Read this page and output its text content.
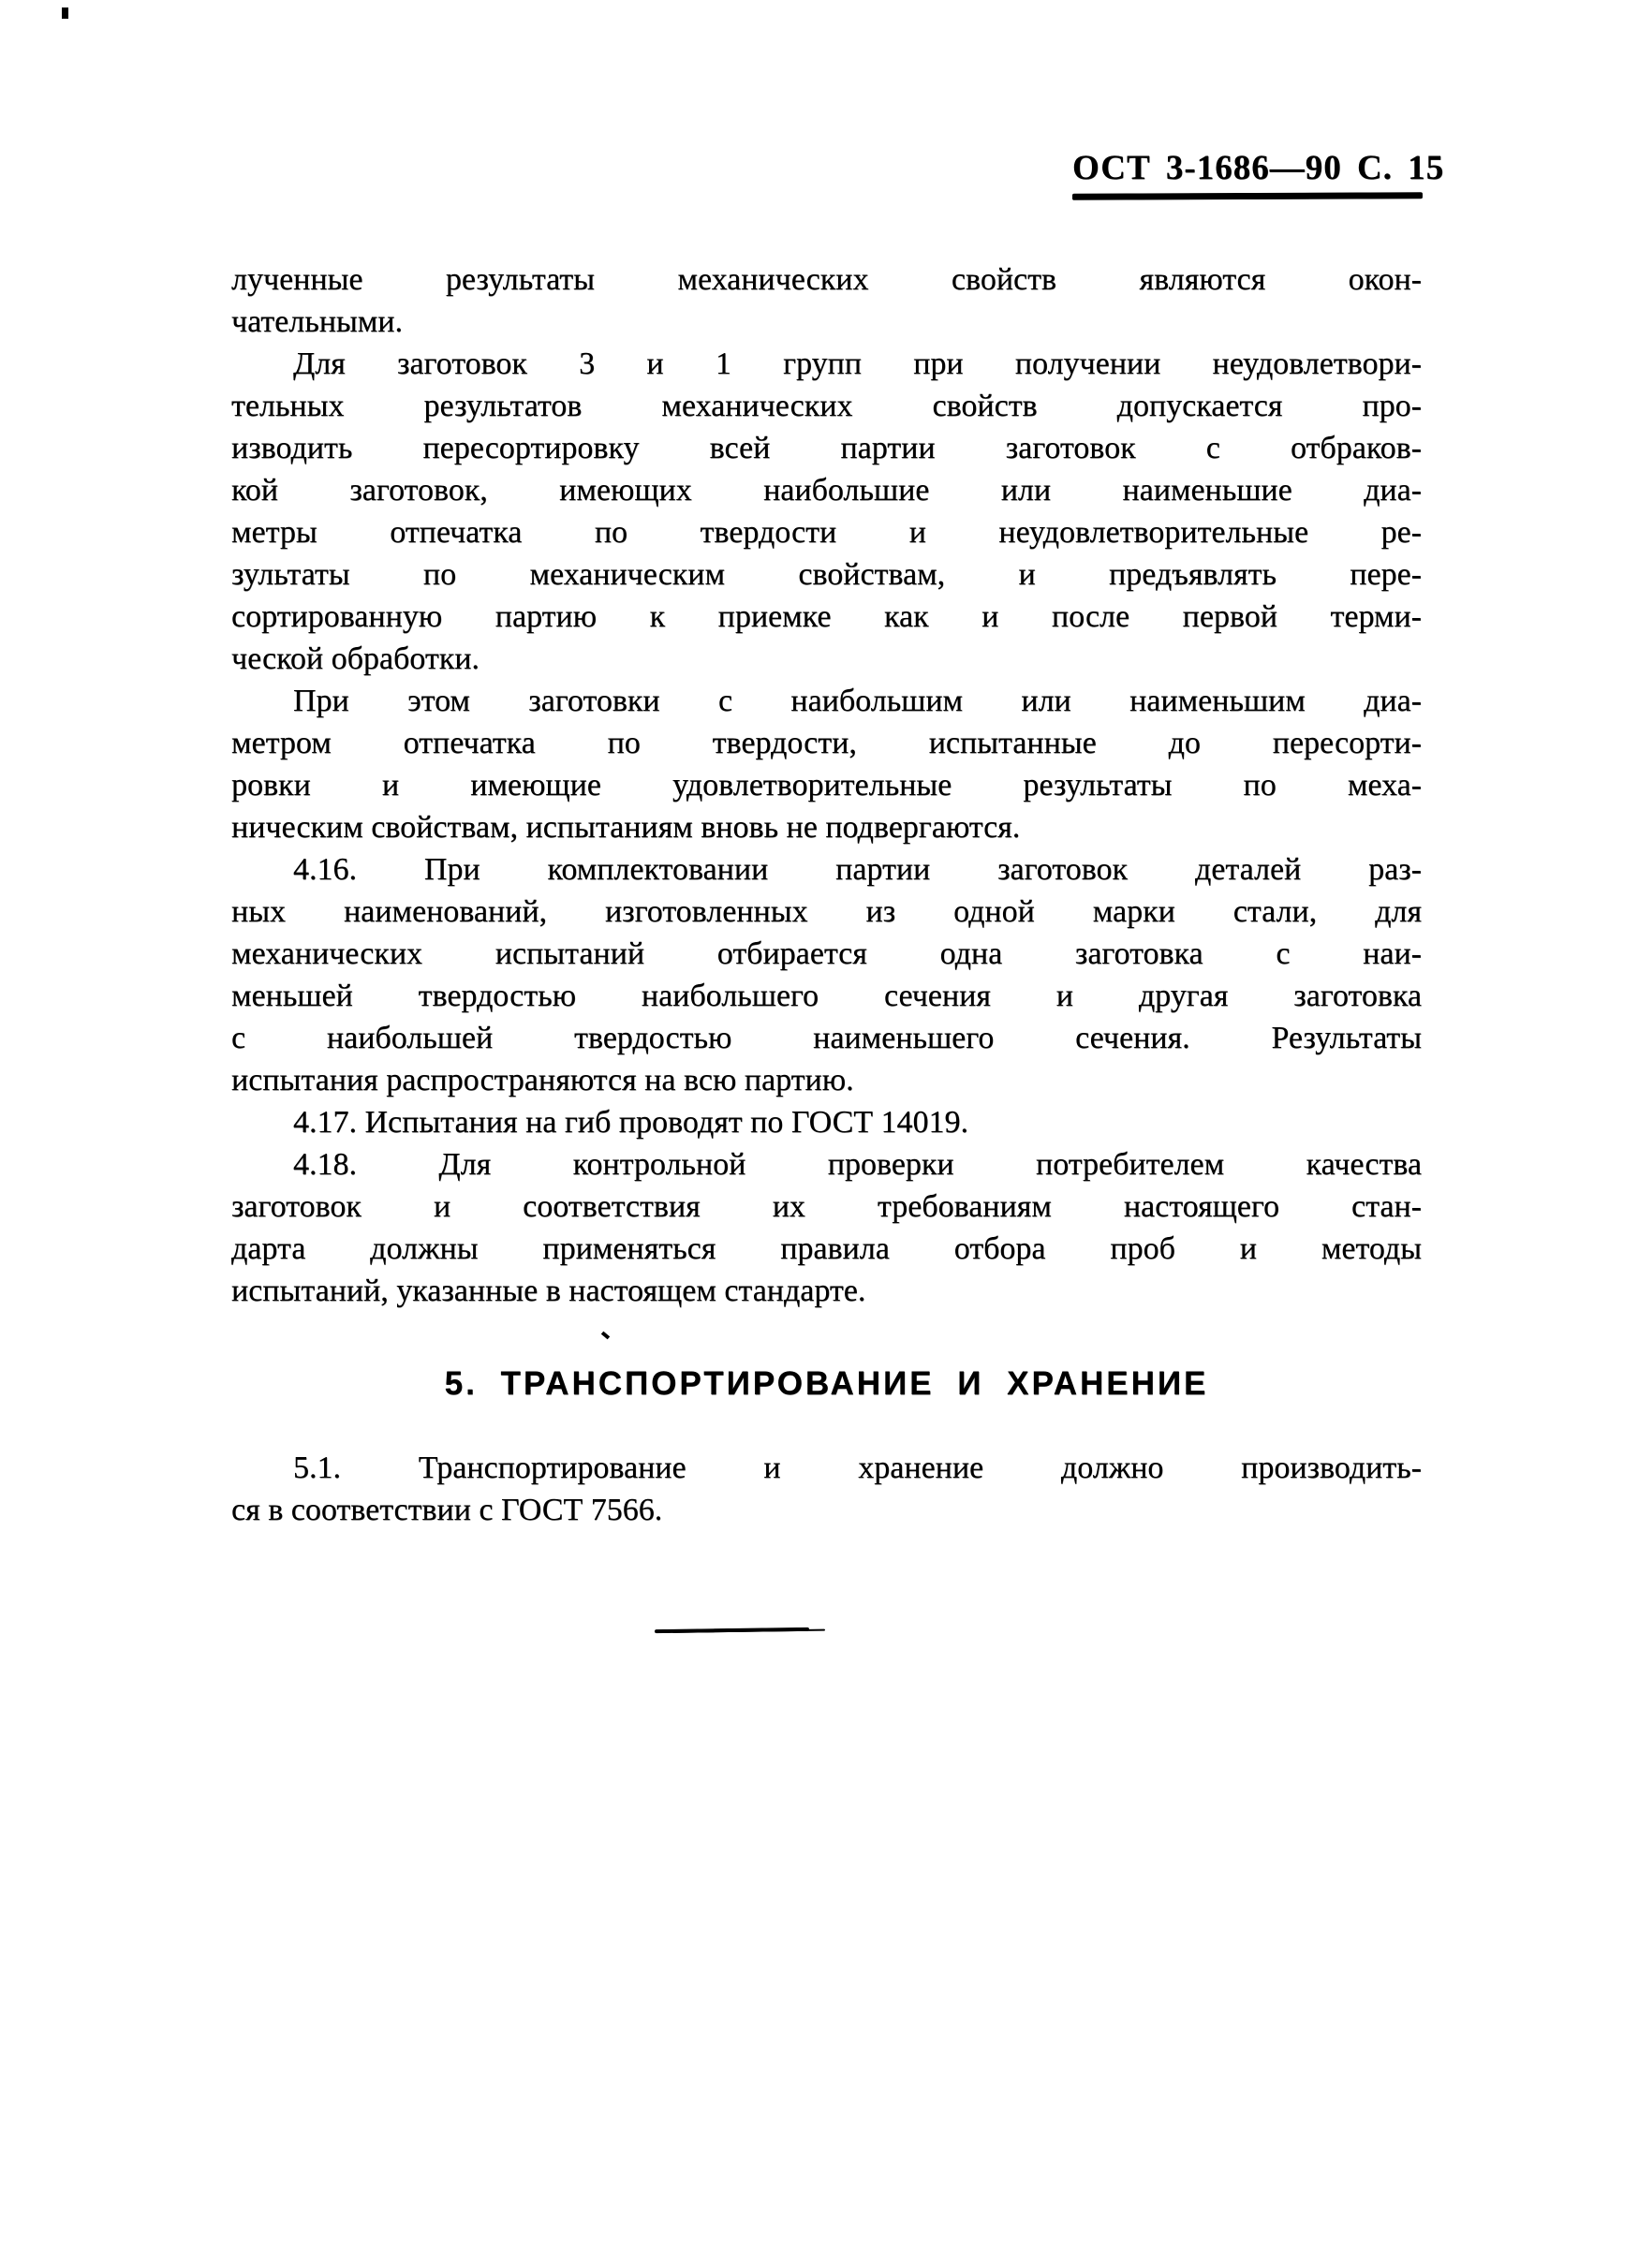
ОСТ 3-1686—90 С. 15

лученные результаты механических свойств являются окон-
чательными.

Для заготовок 3 и 1 групп при получении неудовлетвори-
тельных результатов механических свойств допускается про-
изводить пересортировку всей партии заготовок с отбраков-
кой заготовок, имеющих наибольшие или наименьшие диа-
метры отпечатка по твердости и неудовлетворительные ре-
зультаты по механическим свойствам, и предъявлять пере-
сортированную партию к приемке как и после первой терми-
ческой обработки.

При этом заготовки с наибольшим или наименьшим диа-
метром отпечатка по твердости, испытанные до пересорти-
ровки и имеющие удовлетворительные результаты по меха-
ническим свойствам, испытаниям вновь не подвергаются.

4.16. При комплектовании партии заготовок деталей раз-
ных наименований, изготовленных из одной марки стали, для
механических испытаний отбирается одна заготовка с наи-
меньшей твердостью наибольшего сечения и другая заготовка
с наибольшей твердостью наименьшего сечения. Результаты
испытания распространяются на всю партию.

4.17. Испытания на гиб проводят по ГОСТ 14019.

4.18. Для контрольной проверки потребителем качества
заготовок и соответствия их требованиям настоящего стан-
дарта должны применяться правила отбора проб и методы
испытаний, указанные в настоящем стандарте.

5. ТРАНСПОРТИРОВАНИЕ И ХРАНЕНИЕ

5.1. Транспортирование и хранение должно производить-
ся в соответствии с ГОСТ 7566.
